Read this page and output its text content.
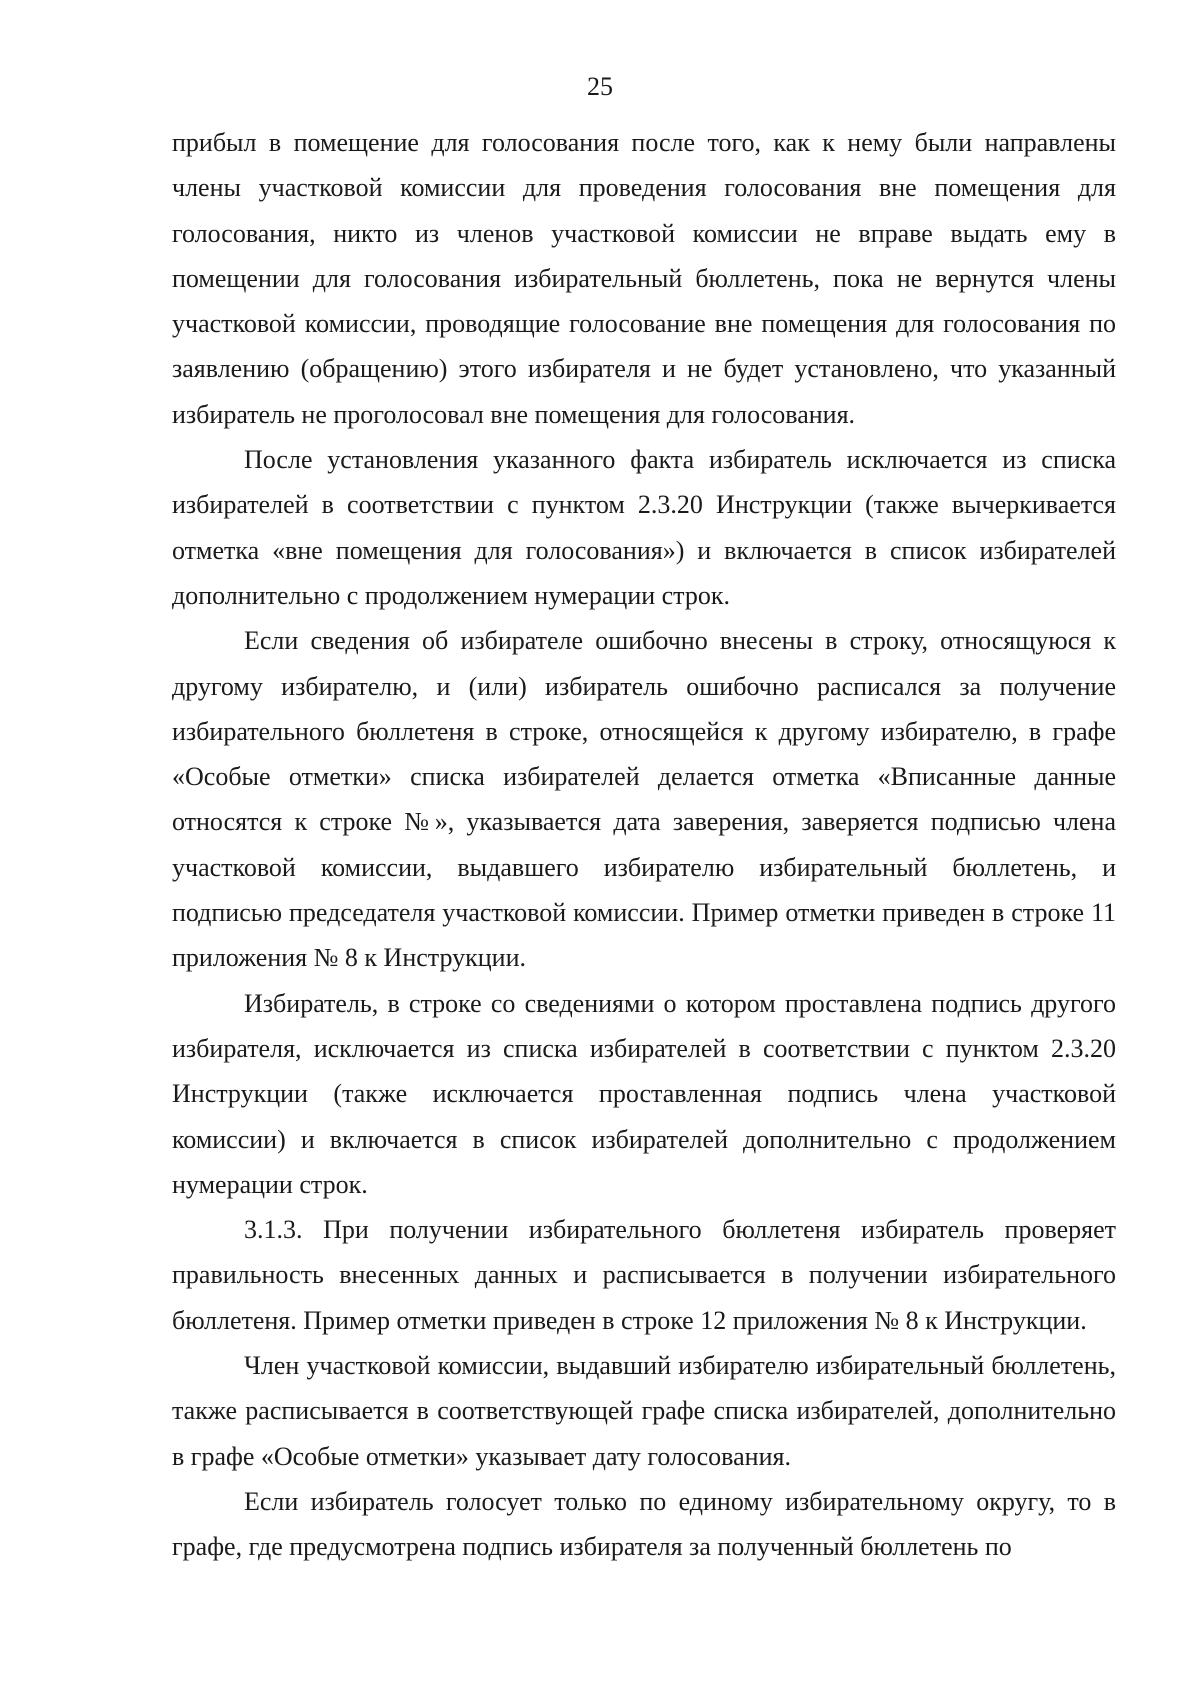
25

прибыл в помещение для голосования после того, как к нему были направлены члены участковой комиссии для проведения голосования вне помещения для голосования, никто из членов участковой комиссии не вправе выдать ему в помещении для голосования избирательный бюллетень, пока не вернутся члены участковой комиссии, проводящие голосование вне помещения для голосования по заявлению (обращению) этого избирателя и не будет установлено, что указанный избиратель не проголосовал вне помещения для голосования.

После установления указанного факта избиратель исключается из списка избирателей в соответствии с пунктом 2.3.20 Инструкции (также вычеркивается отметка «вне помещения для голосования») и включается в список избирателей дополнительно с продолжением нумерации строк.

Если сведения об избирателе ошибочно внесены в строку, относящуюся к другому избирателю, и (или) избиратель ошибочно расписался за получение избирательного бюллетеня в строке, относящейся к другому избирателю, в графе «Особые отметки» списка избирателей делается отметка «Вписанные данные относятся к строке №», указывается дата заверения, заверяется подписью члена участковой комиссии, выдавшего избирателю избирательный бюллетень, и подписью председателя участковой комиссии. Пример отметки приведен в строке 11 приложения № 8 к Инструкции.

Избиратель, в строке со сведениями о котором проставлена подпись другого избирателя, исключается из списка избирателей в соответствии с пунктом 2.3.20 Инструкции (также исключается проставленная подпись члена участковой комиссии) и включается в список избирателей дополнительно с продолжением нумерации строк.

3.1.3. При получении избирательного бюллетеня избиратель проверяет правильность внесенных данных и расписывается в получении избирательного бюллетеня. Пример отметки приведен в строке 12 приложения № 8 к Инструкции.

Член участковой комиссии, выдавший избирателю избирательный бюллетень, также расписывается в соответствующей графе списка избирателей, дополнительно в графе «Особые отметки» указывает дату голосования.

Если избиратель голосует только по единому избирательному округу, то в графе, где предусмотрена подпись избирателя за полученный бюллетень по
